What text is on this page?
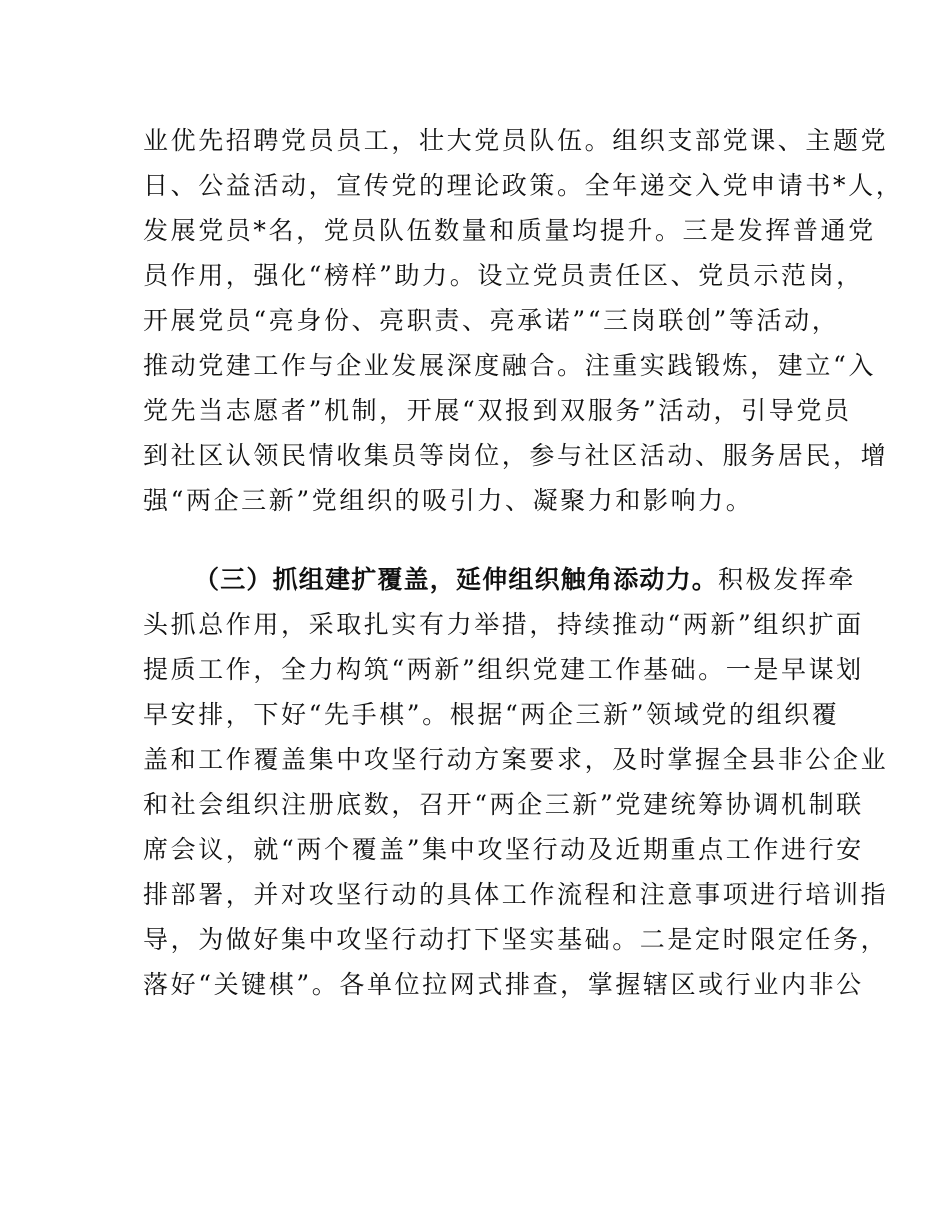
业优先招聘党员员工，壮大党员队伍。组织支部党课、主题党
日、公益活动，宣传党的理论政策。全年递交入党申请书*人，
发展党员*名，党员队伍数量和质量均提升。三是发挥普通党
员作用，强化“榜样”助力。设立党员责任区、党员示范岗，
开展党员“亮身份、亮职责、亮承诺”“三岗联创”等活动，
推动党建工作与企业发展深度融合。注重实践锻炼，建立“入
党先当志愿者”机制，开展“双报到双服务”活动，引导党员
到社区认领民情收集员等岗位，参与社区活动、服务居民，增
强“两企三新”党组织的吸引力、凝聚力和影响力。
（三）抓组建扩覆盖，延伸组织触角添动力。积极发挥牵
头抓总作用，采取扎实有力举措，持续推动“两新”组织扩面
提质工作，全力构筑“两新”组织党建工作基础。一是早谋划
早安排，下好“先手棋”。根据“两企三新”领域党的组织覆
盖和工作覆盖集中攻坚行动方案要求，及时掌握全县非公企业
和社会组织注册底数，召开“两企三新”党建统筹协调机制联
席会议，就“两个覆盖”集中攻坚行动及近期重点工作进行安
排部署，并对攻坚行动的具体工作流程和注意事项进行培训指
导，为做好集中攻坚行动打下坚实基础。二是定时限定任务，
落好“关键棋”。各单位拉网式排查，掌握辖区或行业内非公
